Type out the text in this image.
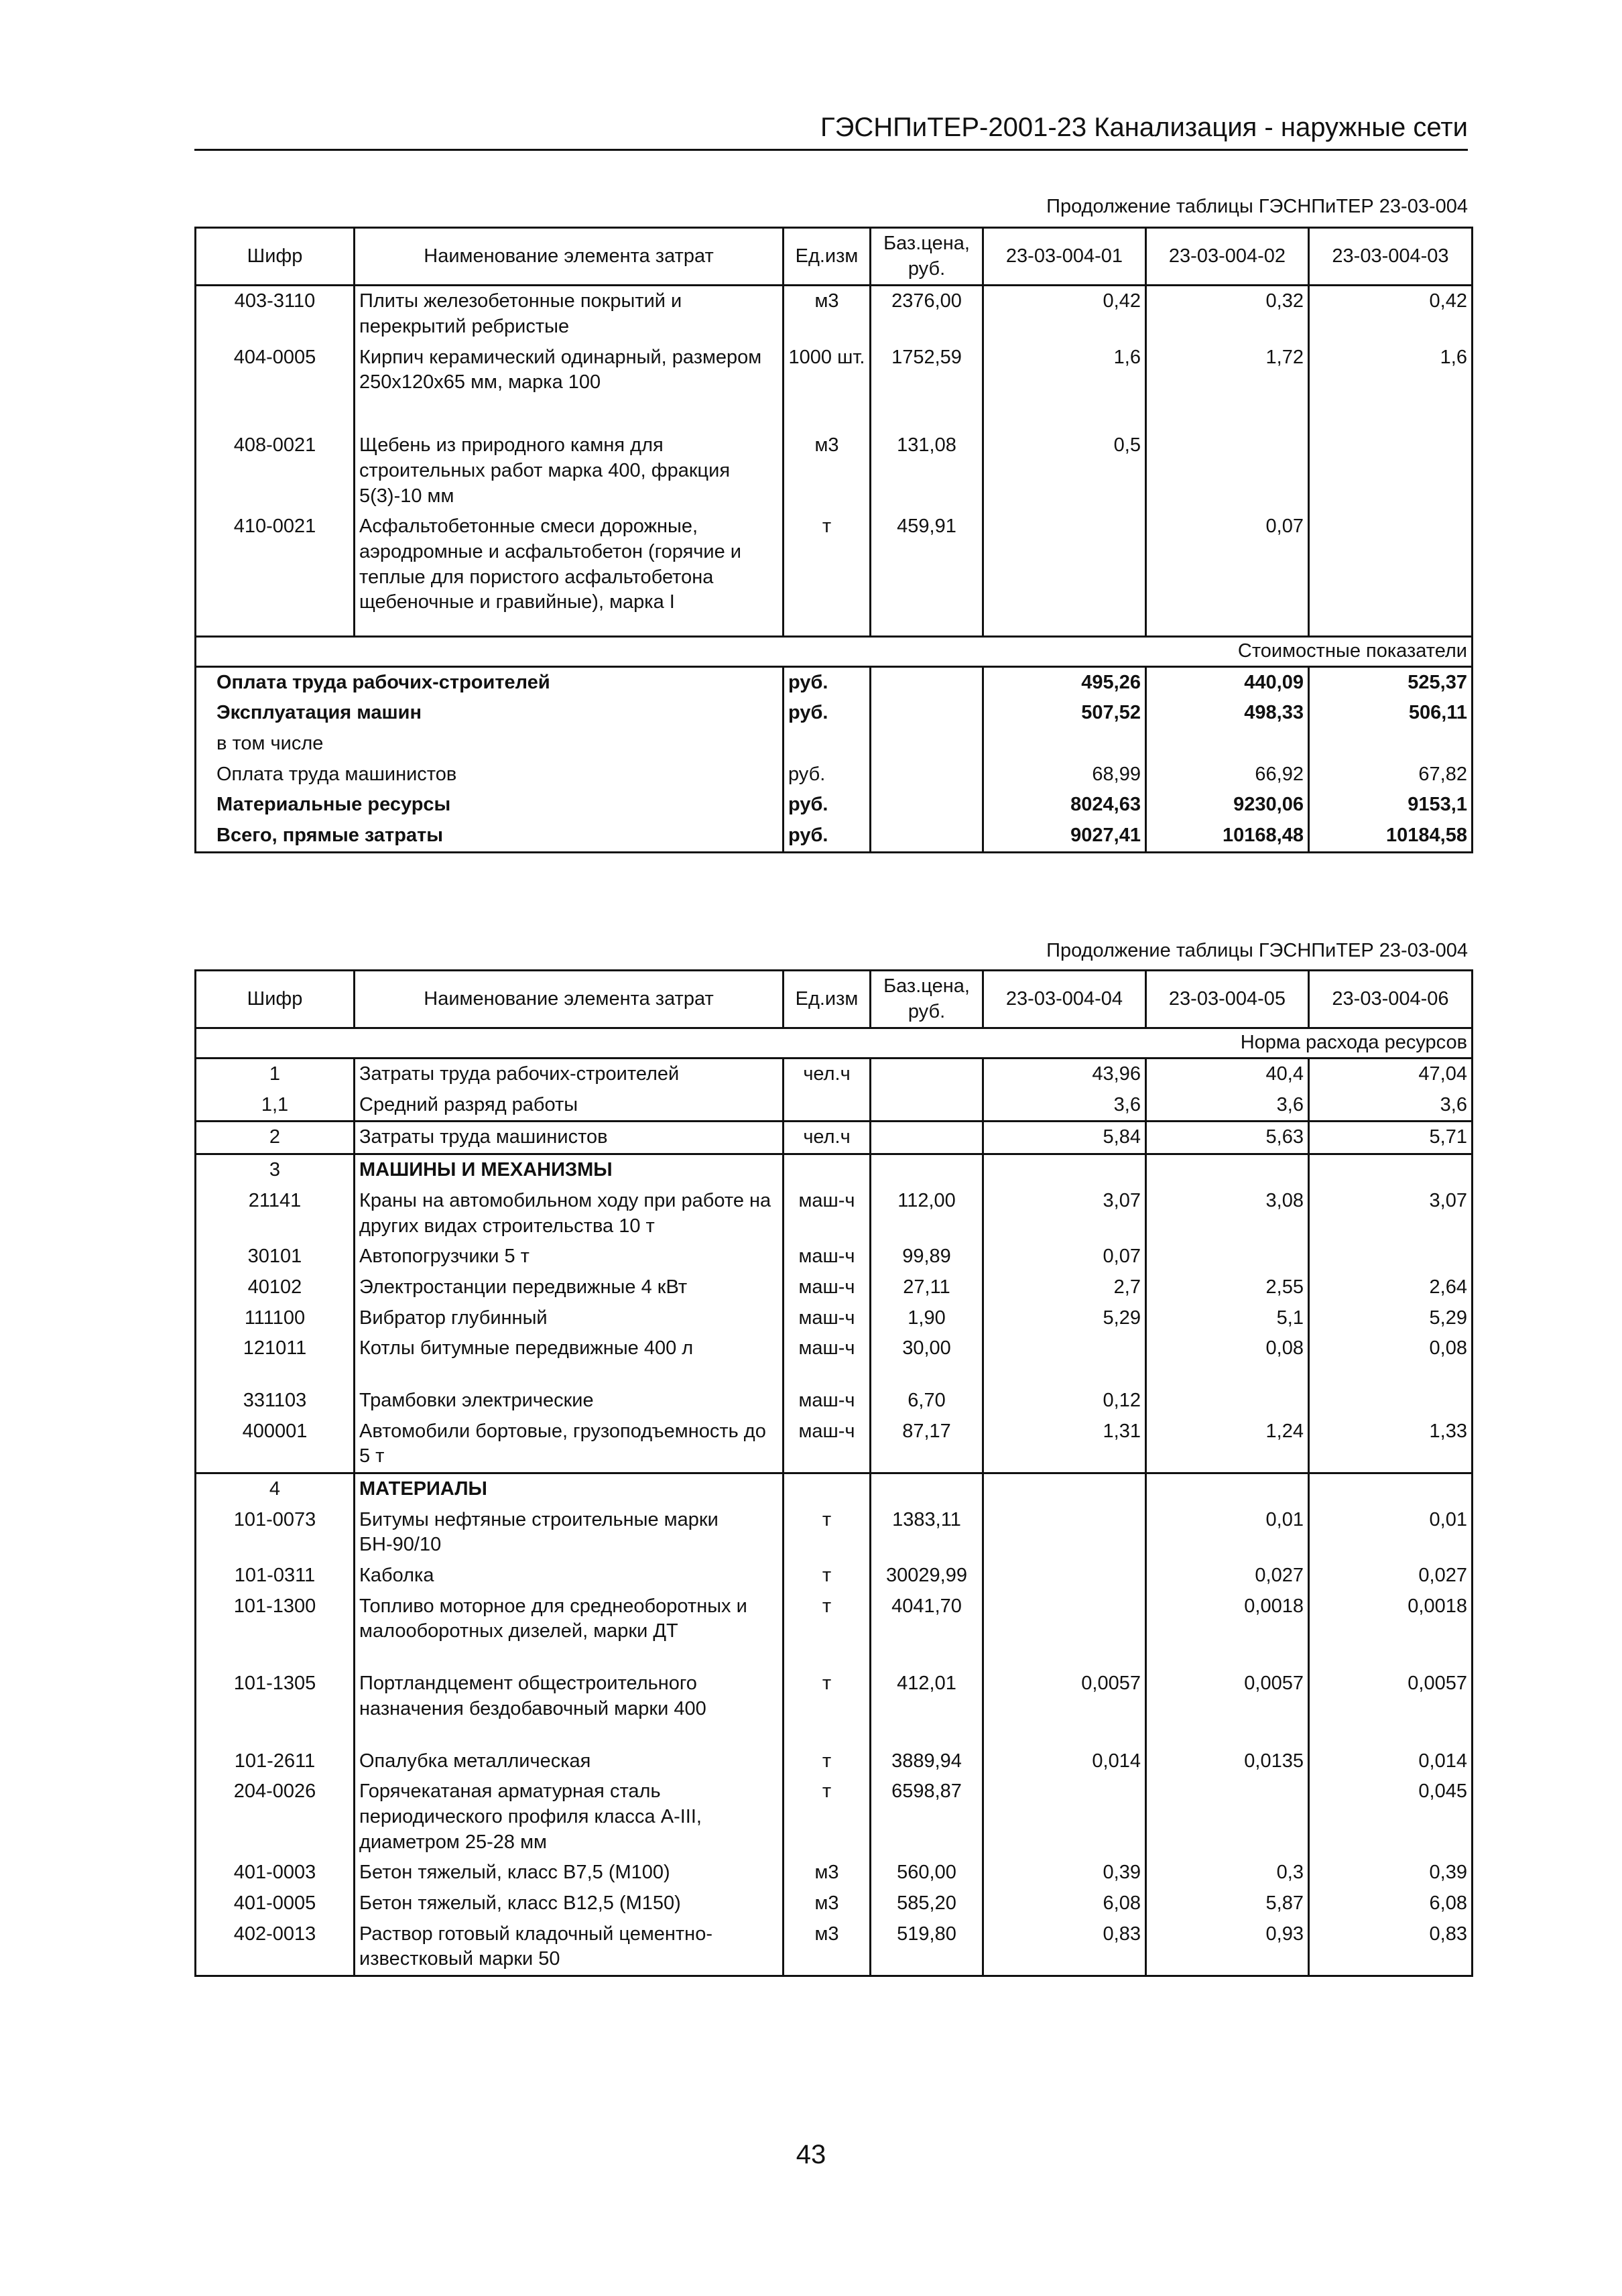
ГЭСНПиТЕР-2001-23 Канализация - наружные сети
Продолжение таблицы ГЭСНПиТЕР 23-03-004
Шифр	Наименование элемента затрат	Ед.изм	Баз.цена, руб.	23-03-004-01	23-03-004-02	23-03-004-03
403-3110	Плиты железобетонные покрытий и перекрытий ребристые	м3	2376,00	0,42	0,32	0,42
404-0005	Кирпич керамический одинарный, размером 250х120х65 мм, марка 100	1000 шт.	1752,59	1,6	1,72	1,6
408-0021	Щебень из природного камня для строительных работ марка 400, фракция 5(3)-10 мм	м3	131,08	0,5		
410-0021	Асфальтобетонные смеси дорожные, аэродромные и асфальтобетон (горячие и теплые для пористого асфальтобетона щебеночные и гравийные), марка I	т	459,91		0,07	

Стоимостные показатели						
Оплата труда рабочих-строителей		руб.		495,26	440,09	525,37
Эксплуатация машин		руб.		507,52	498,33	506,11
в том числе						
Оплата труда машинистов		руб.		68,99	66,92	67,82
Материальные ресурсы		руб.		8024,63	9230,06	9153,1
Всего, прямые затраты		руб.		9027,41	10168,48	10184,58
Продолжение таблицы ГЭСНПиТЕР 23-03-004
Шифр	Наименование элемента затрат	Ед.изм	Баз.цена, руб.	23-03-004-04	23-03-004-05	23-03-004-06
Норма расхода ресурсов						
1	Затраты труда рабочих-строителей	чел.ч		43,96	40,4	47,04
1,1	Средний разряд работы			3,6	3,6	3,6
2	Затраты труда машинистов	чел.ч		5,84	5,63	5,71
3	МАШИНЫ И МЕХАНИЗМЫ					
21141	Краны на автомобильном ходу при работе на других видах строительства 10 т	маш-ч	112,00	3,07	3,08	3,07
30101	Автопогрузчики 5 т	маш-ч	99,89	0,07		
40102	Электростанции передвижные 4 кВт	маш-ч	27,11	2,7	2,55	2,64
111100	Вибратор глубинный	маш-ч	1,90	5,29	5,1	5,29
121011	Котлы битумные передвижные 400 л	маш-ч	30,00		0,08	0,08
331103	Трамбовки электрические	маш-ч	6,70	0,12		
400001	Автомобили бортовые, грузоподъемность до 5 т	маш-ч	87,17	1,31	1,24	1,33
4	МАТЕРИАЛЫ					
101-0073	Битумы нефтяные строительные марки БН-90/10	т	1383,11		0,01	0,01
101-0311	Каболка	т	30029,99		0,027	0,027
101-1300	Топливо моторное для среднеоборотных и малооборотных дизелей, марки ДТ	т	4041,70		0,0018	0,0018
101-1305	Портландцемент общестроительного назначения бездобавочный марки 400	т	412,01	0,0057	0,0057	0,0057
101-2611	Опалубка металлическая	т	3889,94	0,014	0,0135	0,014
204-0026	Горячекатаная арматурная сталь периодического профиля класса A-III, диаметром 25-28 мм	т	6598,87			0,045
401-0003	Бетон тяжелый, класс В7,5 (М100)	м3	560,00	0,39	0,3	0,39
401-0005	Бетон тяжелый, класс В12,5 (М150)	м3	585,20	6,08	5,87	6,08
402-0013	Раствор готовый кладочный цементно-известковый марки 50	м3	519,80	0,83	0,93	0,83
43
